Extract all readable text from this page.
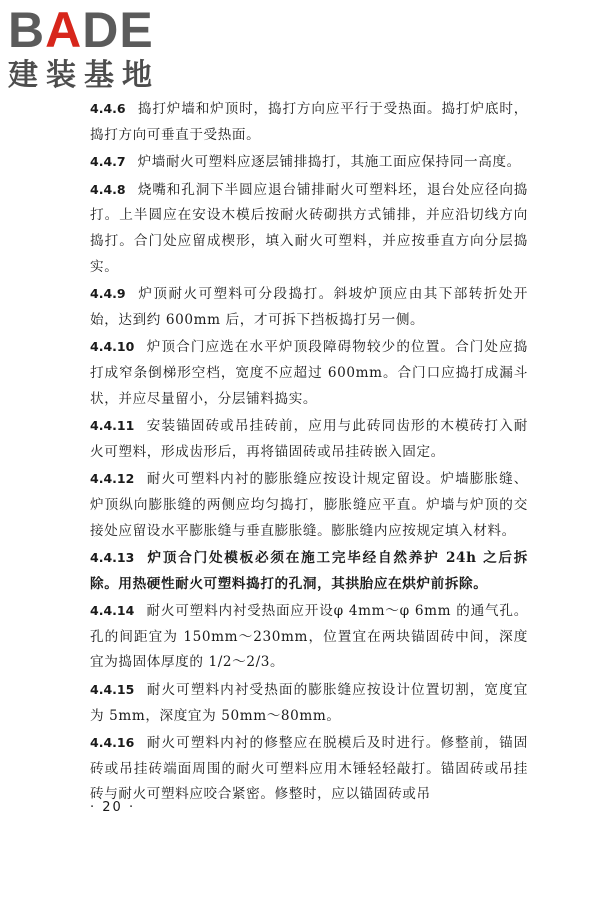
B A D E
建装基地
4.4.6 捣打炉墙和炉顶时，捣打方向应平行于受热面。捣打炉底时，捣打方向可垂直于受热面。
4.4.7 炉墙耐火可塑料应逐层铺排捣打，其施工面应保持同一高度。
4.4.8 烧嘴和孔洞下半圆应退台铺排耐火可塑料坯，退台处应径向捣打。上半圆应在安设木模后按耐火砖砌拱方式铺排，并应沿切线方向捣打。合门处应留成楔形，填入耐火可塑料，并应按垂直方向分层捣实。
4.4.9 炉顶耐火可塑料可分段捣打。斜坡炉顶应由其下部转折处开始，达到约 600mm 后，才可拆下挡板捣打另一侧。
4.4.10 炉顶合门应选在水平炉顶段障碍物较少的位置。合门处应捣打成窄条倒梯形空档，宽度不应超过 600mm。合门口应捣打成漏斗状，并应尽量留小，分层铺料捣实。
4.4.11 安装锚固砖或吊挂砖前，应用与此砖同齿形的木模砖打入耐火可塑料，形成齿形后，再将锚固砖或吊挂砖嵌入固定。
4.4.12 耐火可塑料内衬的膨胀缝应按设计规定留设。炉墙膨胀缝、炉顶纵向膨胀缝的两侧应均匀捣打，膨胀缝应平直。炉墙与炉顶的交接处应留设水平膨胀缝与垂直膨胀缝。膨胀缝内应按规定填入材料。
4.4.13 炉顶合门处模板必须在施工完毕经自然养护 24h 之后拆除。用热硬性耐火可塑料捣打的孔洞，其拱胎应在烘炉前拆除。
4.4.14 耐火可塑料内衬受热面应开设φ 4mm～φ 6mm 的通气孔。孔的间距宜为 150mm～230mm，位置宜在两块锚固砖中间，深度宜为捣固体厚度的 1/2～2/3。
4.4.15 耐火可塑料内衬受热面的膨胀缝应按设计位置切割，宽度宜为 5mm，深度宜为 50mm～80mm。
4.4.16 耐火可塑料内衬的修整应在脱模后及时进行。修整前，锚固砖或吊挂砖端面周围的耐火可塑料应用木锤轻轻敲打。锚固砖或吊挂砖与耐火可塑料应咬合紧密。修整时，应以锚固砖或吊
· 20 ·
